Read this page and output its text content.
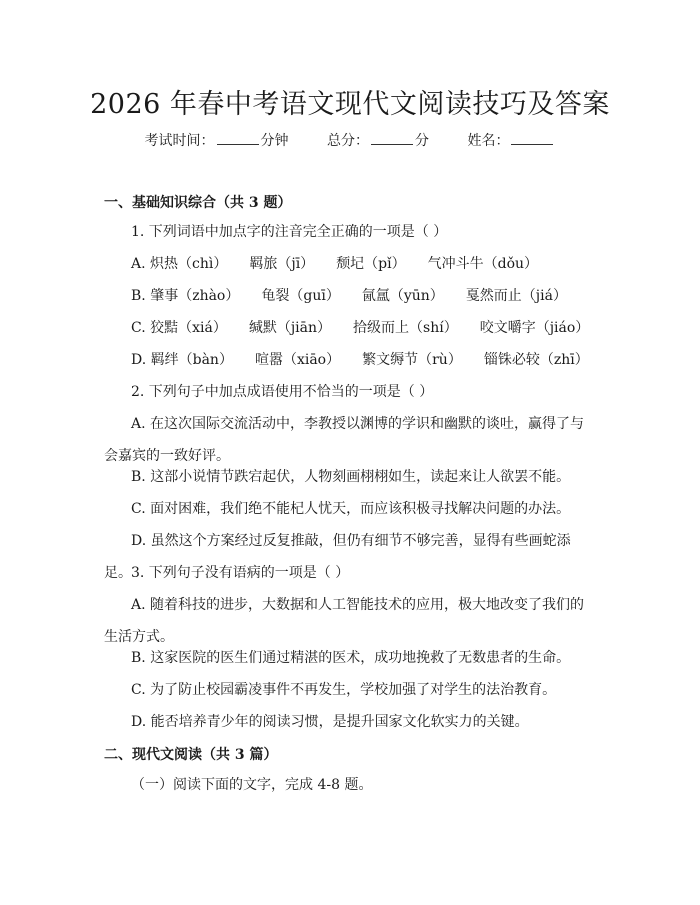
2026 年春中考语文现代文阅读技巧及答案
考试时间：	分钟	总分：	分	姓名：
一、基础知识综合（共 3 题）
1. 下列词语中加点字的注音完全正确的一项是（ ）
A. 炽热（chì） 羁旅（jī） 颓圮（pǐ） 气冲斗牛（dǒu）
B. 肇事（zhào） 龟裂（guī） 氤氲（yūn） 戛然而止（jiá）
C. 狡黠（xiá） 缄默（jiān） 拾级而上（shí） 咬文嚼字（jiáo）
D. 羁绊（bàn） 喧嚣（xiāo） 繁文缛节（rù） 锱铢必较（zhī）
2. 下列句子中加点成语使用不恰当的一项是（ ）
A. 在这次国际交流活动中，李教授以渊博的学识和幽默的谈吐，赢得了与会嘉宾的一致好评。
B. 这部小说情节跌宕起伏，人物刻画栩栩如生，读起来让人欲罢不能。
C. 面对困难，我们绝不能杞人忧天，而应该积极寻找解决问题的办法。
D. 虽然这个方案经过反复推敲，但仍有细节不够完善，显得有些画蛇添足。 3. 下列句子没有语病的一项是（ ）
A. 随着科技的进步，大数据和人工智能技术的应用，极大地改变了我们的生活方式。
B. 这家医院的医生们通过精湛的医术，成功地挽救了无数患者的生命。
C. 为了防止校园霸凌事件不再发生，学校加强了对学生的法治教育。
D. 能否培养青少年的阅读习惯，是提升国家文化软实力的关键。
二、现代文阅读（共 3 篇）
（一）阅读下面的文字，完成 4-8 题。
